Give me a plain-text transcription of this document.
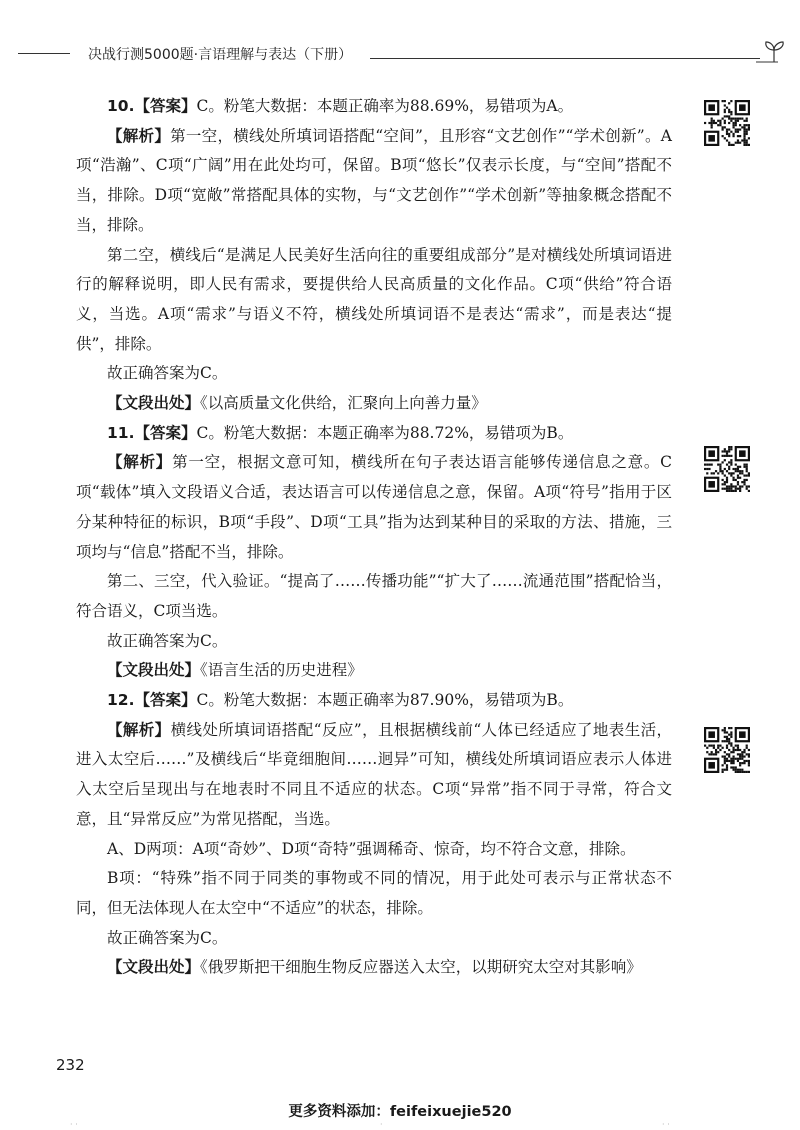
决战行测5000题·言语理解与表达（下册）

10.【答案】C。粉笔大数据：本题正确率为88.69%，易错项为A。

【解析】第一空，横线处所填词语搭配“空间”，且形容“文艺创作”“学术创新”。A项“浩瀚”、C项“广阔”用在此处均可，保留。B项“悠长”仅表示长度，与“空间”搭配不当，排除。D项“宽敞”常搭配具体的实物，与“文艺创作”“学术创新”等抽象概念搭配不当，排除。

第二空，横线后“是满足人民美好生活向往的重要组成部分”是对横线处所填词语进行的解释说明，即人民有需求，要提供给人民高质量的文化作品。C项“供给”符合语义，当选。A项“需求”与语义不符，横线处所填词语不是表达“需求”，而是表达“提供”，排除。

故正确答案为C。

【文段出处】《以高质量文化供给，汇聚向上向善力量》

11.【答案】C。粉笔大数据：本题正确率为88.72%，易错项为B。

【解析】第一空，根据文意可知，横线所在句子表达语言能够传递信息之意。C项“载体”填入文段语义合适，表达语言可以传递信息之意，保留。A项“符号”指用于区分某种特征的标识，B项“手段”、D项“工具”指为达到某种目的采取的方法、措施，三项均与“信息”搭配不当，排除。

第二、三空，代入验证。“提高了……传播功能”“扩大了……流通范围”搭配恰当，符合语义，C项当选。

故正确答案为C。

【文段出处】《语言生活的历史进程》

12.【答案】C。粉笔大数据：本题正确率为87.90%，易错项为B。

【解析】横线处所填词语搭配“反应”，且根据横线前“人体已经适应了地表生活，进入太空后……”及横线后“毕竟细胞间……迥异”可知，横线处所填词语应表示人体进入太空后呈现出与在地表时不同且不适应的状态。C项“异常”指不同于寻常，符合文意，且“异常反应”为常见搭配，当选。

A、D两项：A项“奇妙”、D项“奇特”强调稀奇、惊奇，均不符合文意，排除。

B项：“特殊”指不同于同类的事物或不同的情况，用于此处可表示与正常状态不同，但无法体现人在太空中“不适应”的状态，排除。

故正确答案为C。

【文段出处】《俄罗斯把干细胞生物反应器送入太空，以期研究太空对其影响》

232
更多资料添加：feifeixuejie520
· ·	·	· ·
